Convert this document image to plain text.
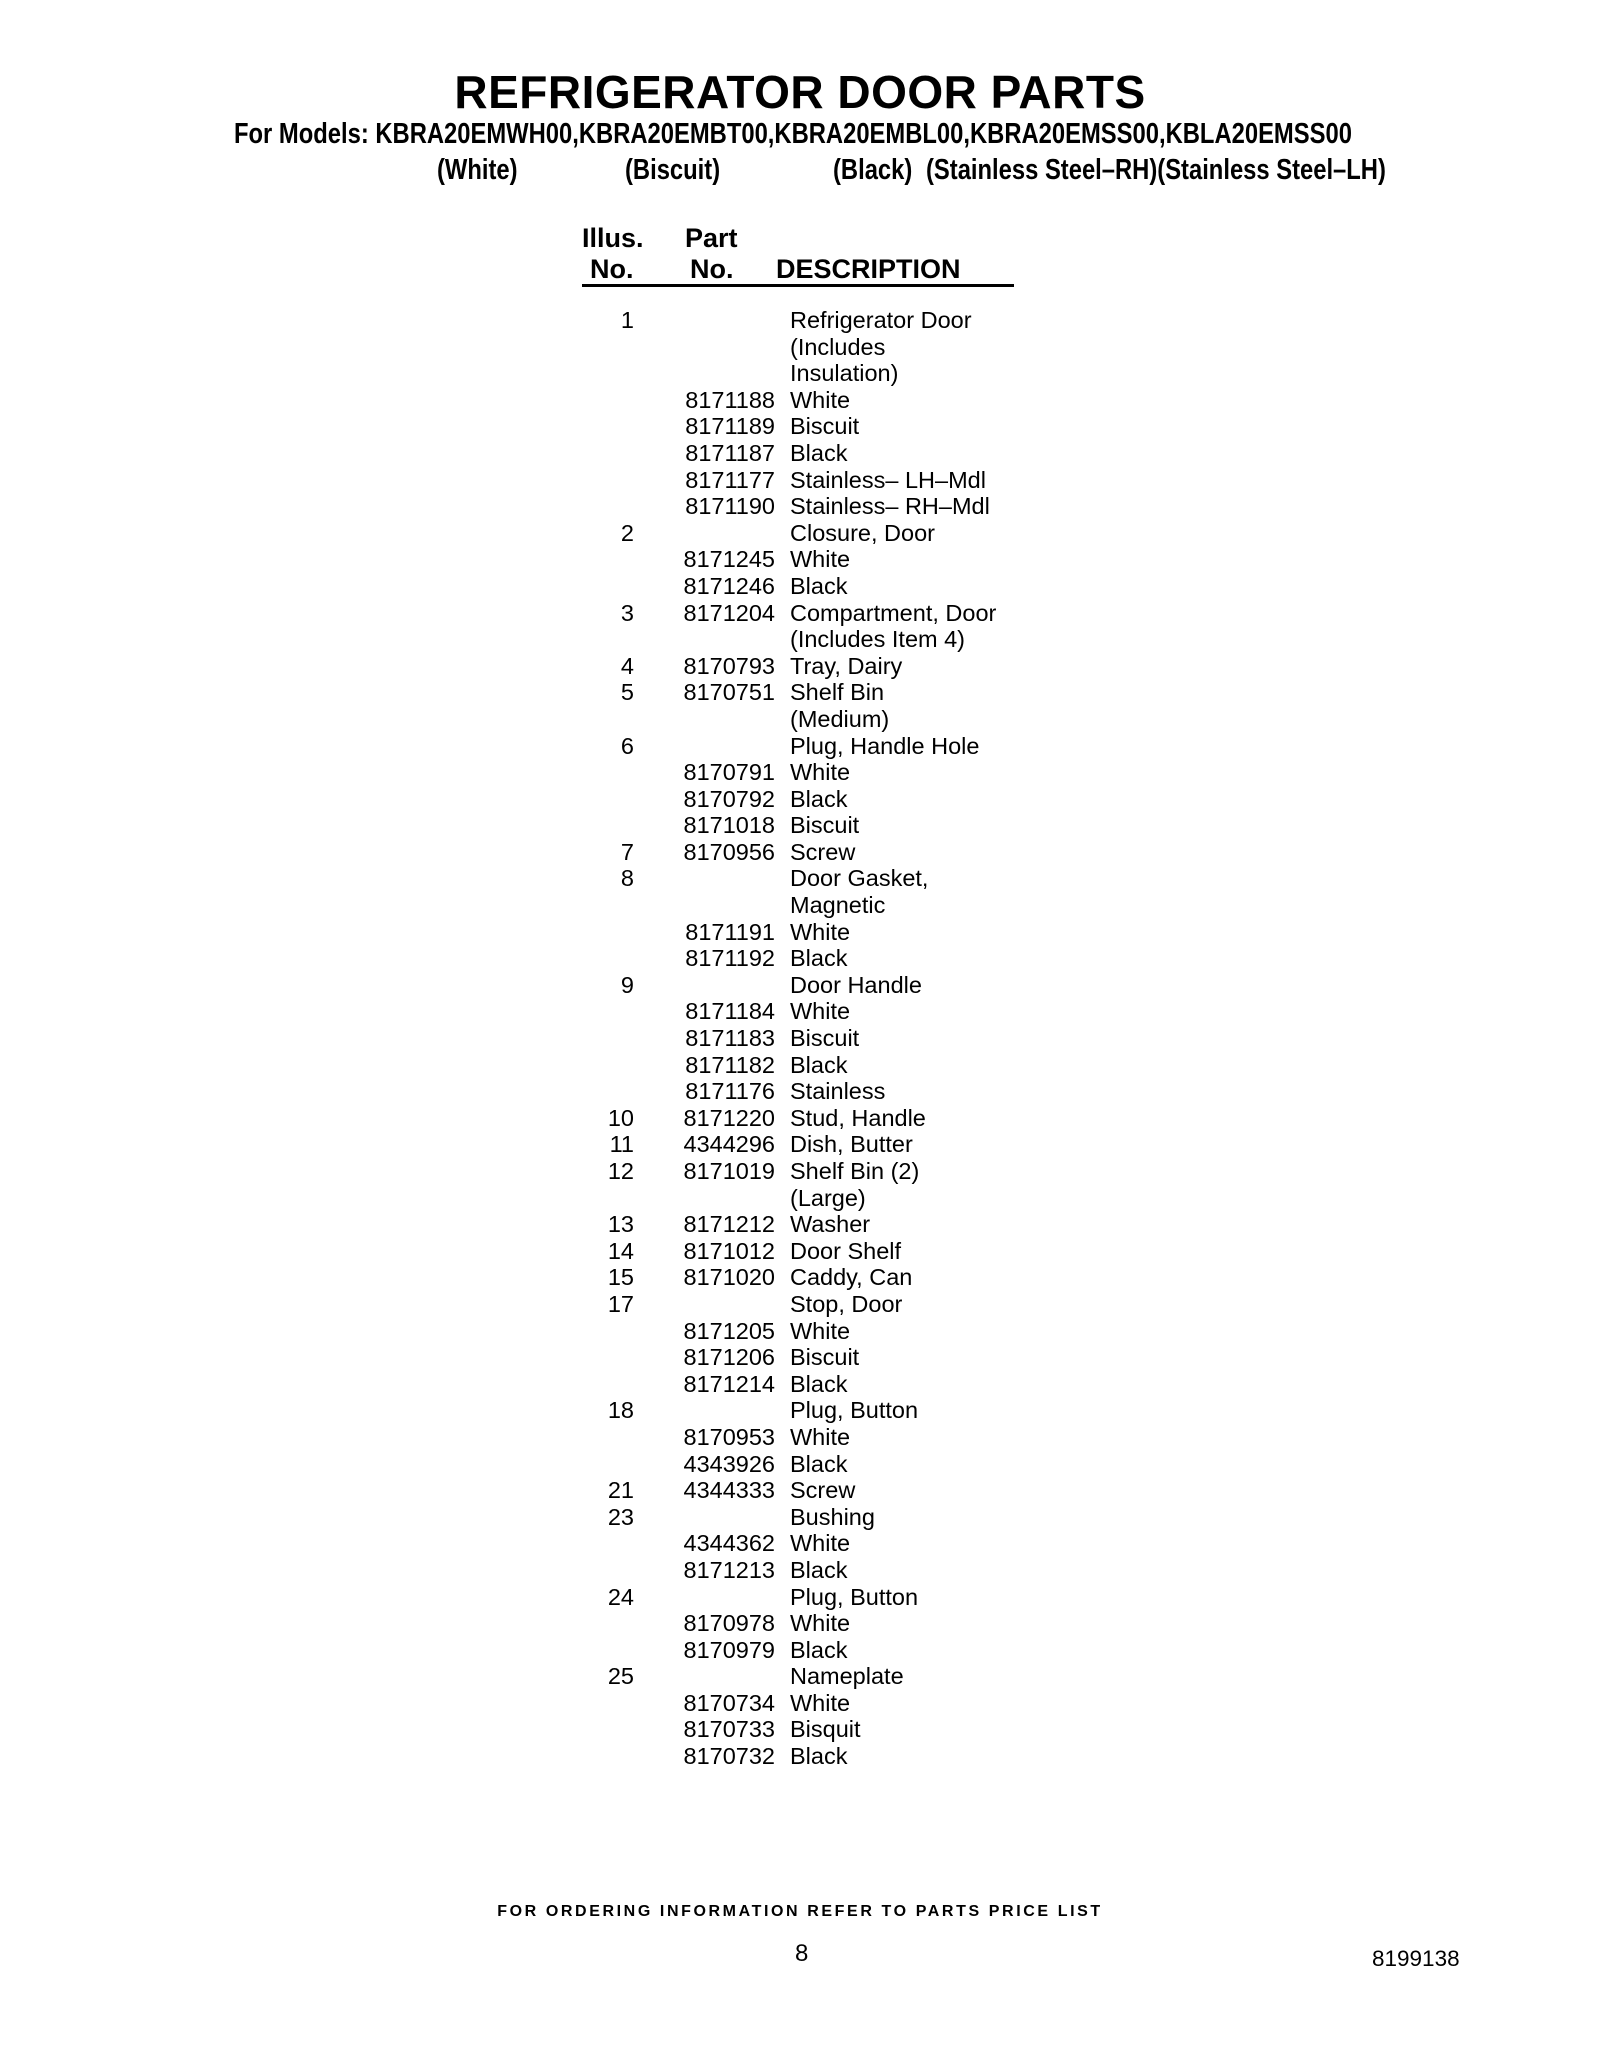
REFRIGERATOR DOOR PARTS
For Models: KBRA20EMWH00,KBRA20EMBT00,KBRA20EMBL00,KBRA20EMSS00,KBLA20EMSS00
(White)	(Biscuit)	(Black) (Stainless Steel–RH)(Stainless Steel–LH)
Illus.
No.
Part
No. DESCRIPTION
1	Refrigerator Door
(Includes
Insulation)
8171188 White
8171189 Biscuit
8171187 Black
8171177 Stainless– LH–Mdl
8171190 Stainless– RH–Mdl
2	Closure, Door
8171245 White
8171246 Black
3 8171204 Compartment, Door
(Includes Item 4)
4 8170793 Tray, Dairy
5 8170751 Shelf Bin
(Medium)
6	Plug, Handle Hole
8170791 White
8170792 Black
8171018 Biscuit
7 8170956 Screw
8	Door Gasket,
Magnetic
8171191 White
8171192 Black
9	Door Handle
8171184 White
8171183 Biscuit
8171182 Black
8171176 Stainless
10 8171220 Stud, Handle
11 4344296 Dish, Butter
12 8171019 Shelf Bin (2)
(Large)
13 8171212 Washer
14 8171012 Door Shelf
15 8171020 Caddy, Can
17	Stop, Door
8171205 White
8171206 Biscuit
8171214 Black
18	Plug, Button
8170953 White
4343926 Black
21 4344333 Screw
23	Bushing
4344362 White
8171213 Black
24	Plug, Button
8170978 White
8170979 Black
25	Nameplate
8170734 White
8170733 Bisquit
8170732 Black
FOR ORDERING INFORMATION REFER TO PARTS PRICE LIST
8	8199138
